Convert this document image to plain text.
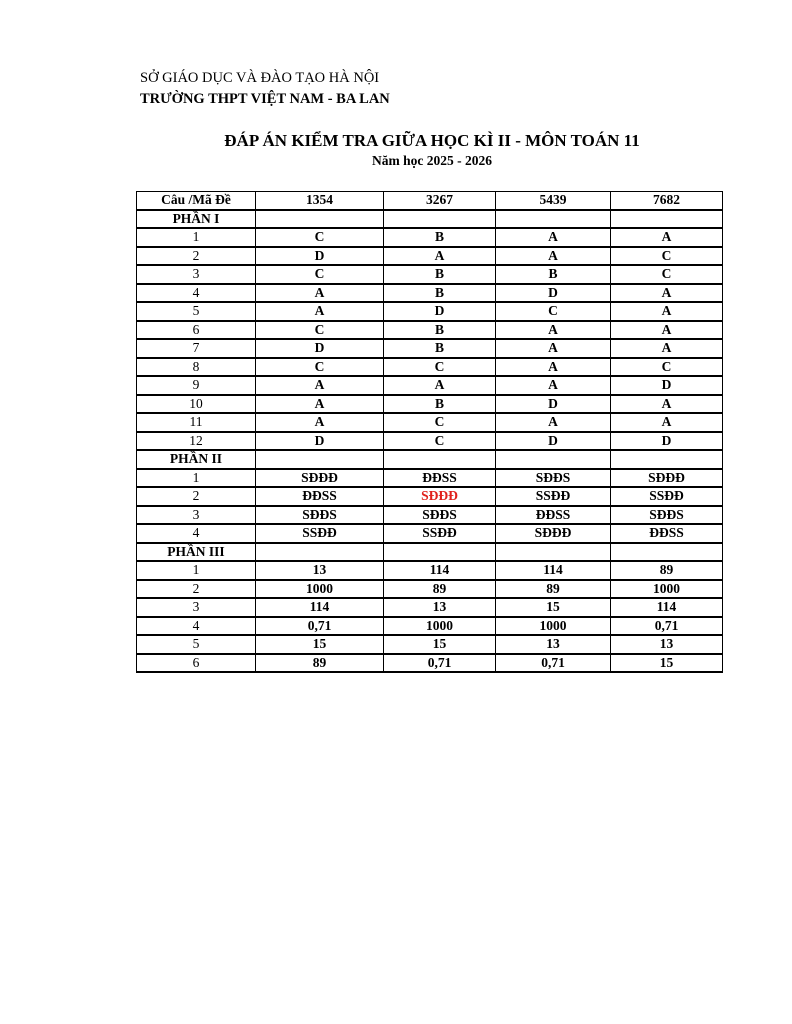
SỞ GIÁO DỤC VÀ ĐÀO TẠO HÀ NỘI
TRƯỜNG THPT VIỆT NAM - BA LAN
ĐÁP ÁN KIỂM TRA GIỮA HỌC KÌ II - MÔN TOÁN 11
Năm học 2025 - 2026
Câu /Mã Đề	1354	3267	5439	7682
PHẦN I				
1	C	B	A	A
2	D	A	A	C
3	C	B	B	C
4	A	B	D	A
5	A	D	C	A
6	C	B	A	A
7	D	B	A	A
8	C	C	A	C
9	A	A	A	D
10	A	B	D	A
11	A	C	A	A
12	D	C	D	D
PHẦN II				
1	SĐĐĐ	ĐĐSS	SĐĐS	SĐĐĐ
2	ĐĐSS	SĐĐĐ	SSĐĐ	SSĐĐ
3	SĐĐS	SĐĐS	ĐĐSS	SĐĐS
4	SSĐĐ	SSĐĐ	SĐĐĐ	ĐĐSS
PHẦN III				
1	13	114	114	89
2	1000	89	89	1000
3	114	13	15	114
4	0,71	1000	1000	0,71
5	15	15	13	13
6	89	0,71	0,71	15
